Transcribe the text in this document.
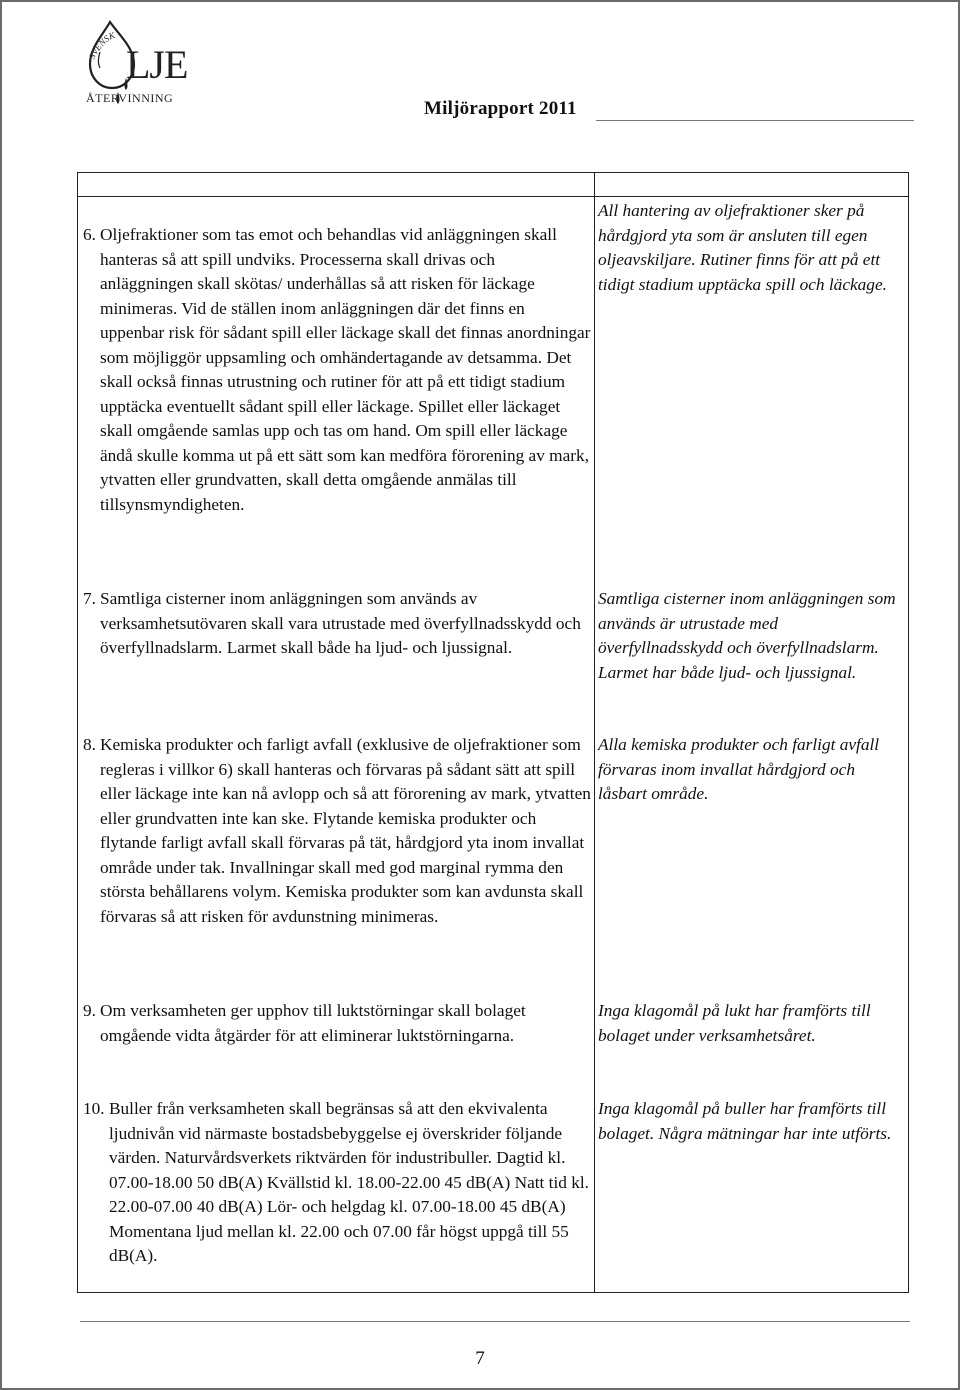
SVENSK
LJE
ÅTERVINNING	Miljörapport 2011
6. Oljefraktioner som tas emot och behandlas vid anläggningen skall hanteras så att spill undviks. Processerna skall drivas och anläggningen skall skötas/ underhållas så att risken för läckage minimeras. Vid de ställen inom anläggningen där det finns en uppenbar risk för sådant spill eller läckage skall det finnas anordningar som möjliggör uppsamling och omhändertagande av detsamma. Det skall också finnas utrustning och rutiner för att på ett tidigt stadium upptäcka eventuellt sådant spill eller läckage. Spillet eller läckaget skall omgående samlas upp och tas om hand. Om spill eller läckage ändå skulle komma ut på ett sätt som kan medföra förorening av mark, ytvatten eller grundvatten, skall detta omgående anmälas till tillsynsmyndigheten.
All hantering av oljefraktioner sker på hårdgjord yta som är ansluten till egen oljeavskiljare. Rutiner finns för att på ett tidigt stadium upptäcka spill och läckage.
7. Samtliga cisterner inom anläggningen som används av verksamhetsutövaren skall vara utrustade med överfyllnadsskydd och överfyllnadslarm. Larmet skall både ha ljud- och ljussignal.
Samtliga cisterner inom anläggningen som används är utrustade med överfyllnadsskydd och överfyllnadslarm. Larmet har både ljud- och ljussignal.
8. Kemiska produkter och farligt avfall (exklusive de oljefraktioner som regleras i villkor 6) skall hanteras och förvaras på sådant sätt att spill eller läckage inte kan nå avlopp och så att förorening av mark, ytvatten eller grundvatten inte kan ske. Flytande kemiska produkter och flytande farligt avfall skall förvaras på tät, hårdgjord yta inom invallat område under tak. Invallningar skall med god marginal rymma den största behållarens volym. Kemiska produkter som kan avdunsta skall förvaras så att risken för avdunstning minimeras.
Alla kemiska produkter och farligt avfall förvaras inom invallat hårdgjord och låsbart område.
9. Om verksamheten ger upphov till luktstörningar skall bolaget omgående vidta åtgärder för att eliminerar luktstörningarna.
Inga klagomål på lukt har framförts till bolaget under verksamhetsåret.
10. Buller från verksamheten skall begränsas så att den ekvivalenta ljudnivån vid närmaste bostadsbebyggelse ej överskrider följande värden. Naturvårdsverkets riktvärden för industribuller. Dagtid kl. 07.00-18.00 50 dB(A) Kvällstid kl. 18.00-22.00 45 dB(A) Natt tid kl. 22.00-07.00 40 dB(A) Lör- och helgdag kl. 07.00-18.00 45 dB(A) Momentana ljud mellan kl. 22.00 och 07.00 får högst uppgå till 55 dB(A).
Inga klagomål på buller har framförts till bolaget. Några mätningar har inte utförts.
7
